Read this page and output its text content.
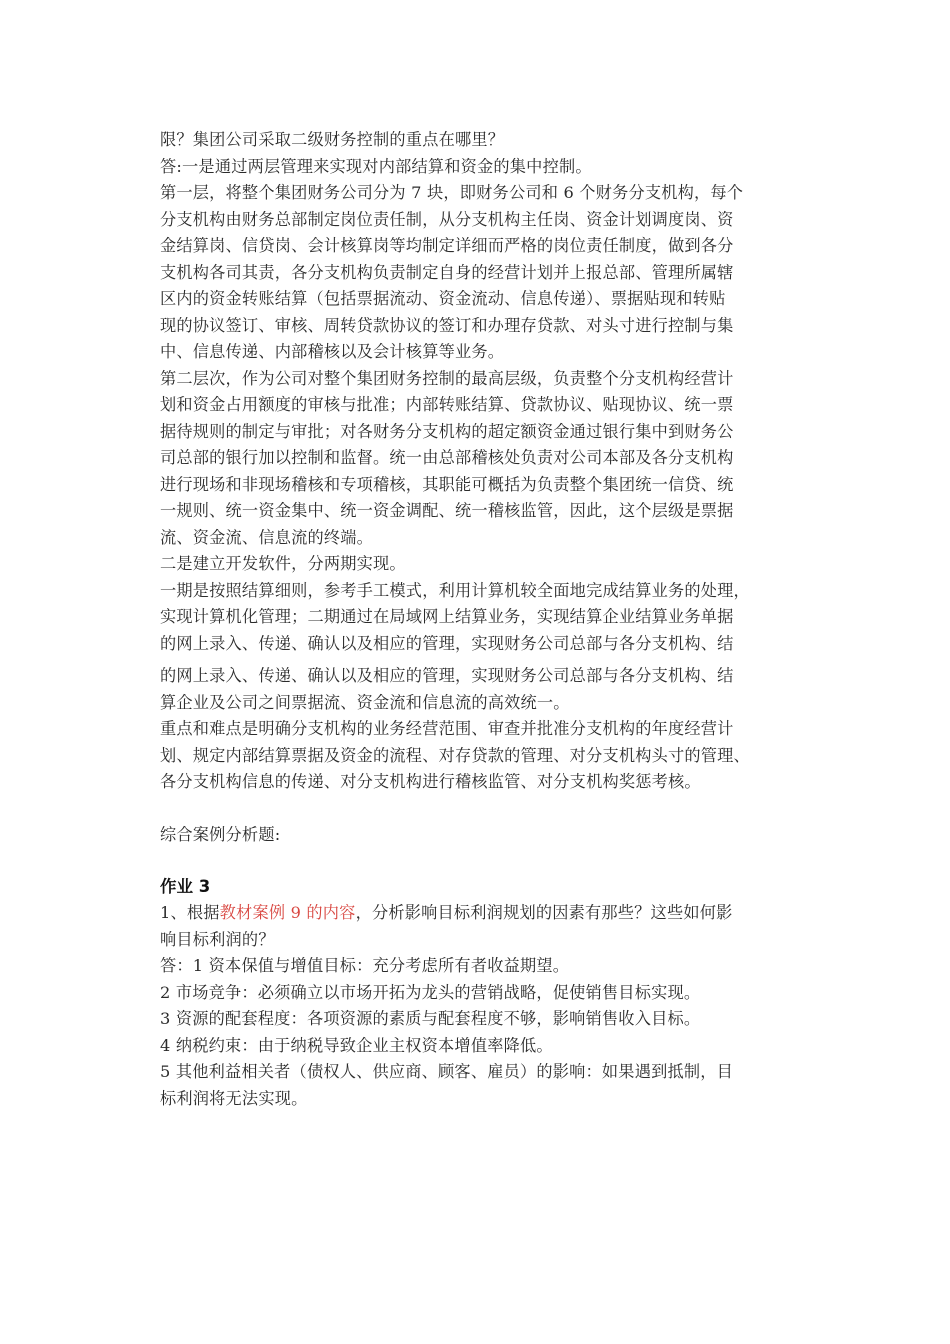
限？集团公司采取二级财务控制的重点在哪里？
答:一是通过两层管理来实现对内部结算和资金的集中控制。
第一层，将整个集团财务公司分为 7 块，即财务公司和 6 个财务分支机构，每个
分支机构由财务总部制定岗位责任制，从分支机构主任岗、资金计划调度岗、资
金结算岗、信贷岗、会计核算岗等均制定详细而严格的岗位责任制度，做到各分
支机构各司其责，各分支机构负责制定自身的经营计划并上报总部、管理所属辖
区内的资金转账结算（包括票据流动、资金流动、信息传递）、票据贴现和转贴
现的协议签订、审核、周转贷款协议的签订和办理存贷款、对头寸进行控制与集
中、信息传递、内部稽核以及会计核算等业务。
第二层次，作为公司对整个集团财务控制的最高层级，负责整个分支机构经营计
划和资金占用额度的审核与批准；内部转账结算、贷款协议、贴现协议、统一票
据待规则的制定与审批；对各财务分支机构的超定额资金通过银行集中到财务公
司总部的银行加以控制和监督。统一由总部稽核处负责对公司本部及各分支机构
进行现场和非现场稽核和专项稽核，其职能可概括为负责整个集团统一信贷、统
一规则、统一资金集中、统一资金调配、统一稽核监管，因此，这个层级是票据
流、资金流、信息流的终端。
二是建立开发软件，分两期实现。
一期是按照结算细则，参考手工模式，利用计算机较全面地完成结算业务的处理，
实现计算机化管理；二期通过在局域网上结算业务，实现结算企业结算业务单据
的网上录入、传递、确认以及相应的管理，实现财务公司总部与各分支机构、结
的网上录入、传递、确认以及相应的管理，实现财务公司总部与各分支机构、结
算企业及公司之间票据流、资金流和信息流的高效统一。
重点和难点是明确分支机构的业务经营范围、审查并批准分支机构的年度经营计
划、规定内部结算票据及资金的流程、对存贷款的管理、对分支机构头寸的管理、
各分支机构信息的传递、对分支机构进行稽核监管、对分支机构奖惩考核。
综合案例分析题:
作业 3
1、根据教材案例 9 的内容，分析影响目标利润规划的因素有那些？这些如何影
响目标利润的？
答：1 资本保值与增值目标：充分考虑所有者收益期望。
2 市场竞争：必须确立以市场开拓为龙头的营销战略，促使销售目标实现。
3 资源的配套程度：各项资源的素质与配套程度不够，影响销售收入目标。
4 纳税约束：由于纳税导致企业主权资本增值率降低。
5 其他利益相关者（债权人、供应商、顾客、雇员）的影响：如果遇到抵制，目
标利润将无法实现。
